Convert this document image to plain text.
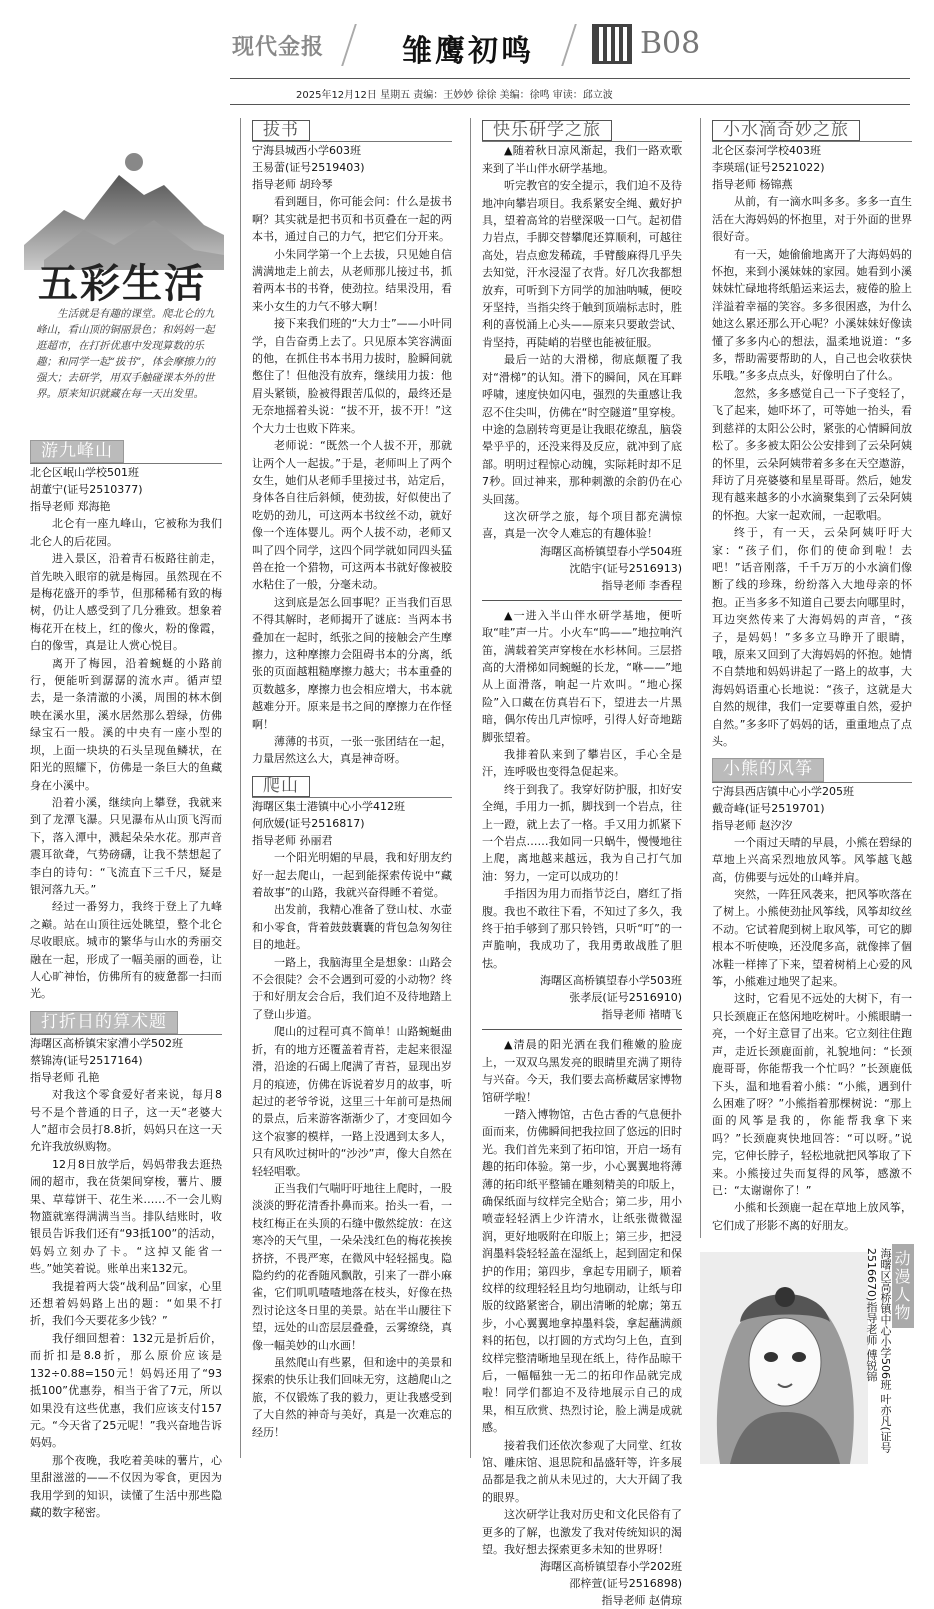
现代金报	雏鹰初鸣	B08
2025年12月12日 星期五 责编：王妙妙 徐徐 美编：徐鸣 审读：邱立波
五彩生活
生活就是有趣的课堂。爬北仑的九峰山，看山顶的铜丽景色；和妈妈一起逛超市，在打折优惠中发现算数的乐趣；和同学一起“拔书”，体会摩擦力的强大；去研学，用双手触碰课本外的世界。原来知识就藏在每一天出发里。
游九峰山

北仑区岷山学校501班

胡董宁(证号2510377)

指导老师 郑海艳

北仑有一座九峰山，它被称为我们北仑人的后花园。

进入景区，沿着青石板路往前走，首先映入眼帘的就是梅园。虽然现在不是梅花盛开的季节，但那稀稀有致的梅树，仍让人感受到了几分雅致。想象着梅花开在枝上，红的像火，粉的像霞，白的像雪，真是让人赏心悦目。

离开了梅园，沿着蜿蜒的小路前行，便能听到潺潺的流水声。循声望去，是一条清澈的小溪，周围的林木倒映在溪水里，溪水居然那么碧绿，仿佛绿宝石一般。溪的中央有一座小型的坝，上面一块块的石头呈现鱼鳞状，在阳光的照耀下，仿佛是一条巨大的鱼藏身在小溪中。

沿着小溪，继续向上攀登，我就来到了龙潭飞瀑。只见瀑布从山顶飞泻而下，落入潭中，溅起朵朵水花。那声音震耳欲聋，气势磅礴，让我不禁想起了李白的诗句：“飞流直下三千尺，疑是银河落九天。”

经过一番努力，我终于登上了九峰之巅。站在山顶往远处眺望，整个北仑尽收眼底。城市的繁华与山水的秀丽交融在一起，形成了一幅美丽的画卷，让人心旷神怡，仿佛所有的疲惫都一扫而光。

打折日的算术题

海曙区高桥镇宋家漕小学502班

蔡锦涛(证号2517164)

指导老师 孔艳

对我这个零食爱好者来说，每月8号不是个普通的日子，这一天“老婆大人”超市会员打8.8折，妈妈只在这一天允许我放纵购物。

12月8日放学后，妈妈带我去逛热闹的超市，我在货架间穿梭，薯片、腰果、草莓饼干、花生米……不一会儿购物篮就塞得满满当当。排队结账时，收银员告诉我们还有“93抵100”的活动，妈妈立刻办了卡。“这掉又能省一些。”她笑着说。账单出来132元。

我提着两大袋“战利品”回家，心里还想着妈妈路上出的题：“如果不打折，我们今天要花多少钱？”

我仔细回想着：132元是折后价，而折扣是8.8折，那么原价应该是132÷0.88=150元！妈妈还用了“93抵100”优惠券，相当于省了7元，所以如果没有这些优惠，我们应该支付157元。“今天省了25元呢！”我兴奋地告诉妈妈。

那个夜晚，我吃着美味的薯片，心里甜滋滋的——不仅因为零食，更因为我用学到的知识，读懂了生活中那些隐藏的数字秘密。

拔书

宁海县城西小学603班

王易蕾(证号2519403)

指导老师 胡玲琴

看到题目，你可能会问：什么是拔书啊？其实就是把书页和书页叠在一起的两本书，通过自己的力气，把它们分开来。

小朱同学第一个上去拔，只见她自信满满地走上前去，从老师那儿接过书，抓着两本书的书脊，使劲拉。结果没用，看来小女生的力气不够大啊！

接下来我们班的“大力士”——小叶同学，自告奋勇上去了。只见原本笑容满面的他，在抓住书本书用力拔时，脸瞬间就憋住了！但他没有放弃，继续用力拔：他眉头紧锁，脸被得跟苦瓜似的，最终还是无奈地摇着头说：“拔不开，拔不开！”这个大力士也败下阵来。

老师说：“既然一个人拔不开，那就让两个人一起拔。”于是，老师叫上了两个女生，她们从老师手里接过书，站定后，身体各自往后斜倾，使劲拔，好似使出了吃奶的劲儿，可这两本书纹丝不动，就好像一个连体婴儿。两个人拔不动，老师又叫了四个同学，这四个同学就如同四头猛兽在抢一个猎物，可这两本书就好像被胶水粘住了一般，分毫未动。

这到底是怎么回事呢？正当我们百思不得其解时，老师揭开了谜底：当两本书叠加在一起时，纸张之间的接触会产生摩擦力，这种摩擦力会阻碍书本的分离，纸张的页面越粗糙摩擦力越大；书本重叠的页数越多，摩擦力也会相应增大，书本就越难分开。原来是书之间的摩擦力在作怪啊！

薄薄的书页，一张一张团结在一起，力量居然这么大，真是神奇呀。

爬山

海曙区集士港镇中心小学412班

何欣媛(证号2516817)

指导老师 孙丽君

一个阳光明媚的早晨，我和好朋友约好一起去爬山，一起到能探索传说中“藏着故事”的山路，我就兴奋得睡不着觉。

出发前，我精心准备了登山杖、水壶和小零食，背着鼓鼓囊囊的背包急匆匆往目的地赶。

一路上，我脑海里全是想象：山路会不会很陡？会不会遇到可爱的小动物？终于和好朋友会合后，我们迫不及待地踏上了登山步道。

爬山的过程可真不简单！山路蜿蜒曲折，有的地方还覆盖着青苔，走起来很湿滑，沿途的石碣上爬满了青苔，显现出岁月的痕迹，仿佛在诉说着岁月的故事，听起过的老爷爷说，这里三十年前可是热闹的景点，后来游客渐渐少了，才变回如今这个寂寥的模样，一路上没遇到太多人，只有风吹过树叶的“沙沙”声，像大自然在轻轻唱歌。

正当我们气喘吁吁地往上爬时，一股淡淡的野花清香扑鼻而来。抬头一看，一枝红梅正在头顶的石缝中傲然绽放：在这寒冷的天气里，一朵朵浅红色的梅花挨挨挤挤，不畏严寒，在微风中轻轻摇曳。隐隐约约的花香随风飘散，引来了一群小麻雀，它们叽叽喳喳地落在枝头，好像在热烈讨论这冬日里的美景。站在半山腰往下望，远处的山峦层层叠叠，云雾缭绕，真像一幅美妙的山水画！

虽然爬山有些累，但和途中的美景和探索的快乐让我们回味无穷，这趟爬山之旅，不仅锻炼了我的毅力，更让我感受到了大自然的神奇与美好，真是一次难忘的经历！

快乐研学之旅

▲随着秋日凉风渐起，我们一路欢歌来到了半山伴水研学基地。

听完教官的安全提示，我们迫不及待地冲向攀岩项目。我系紧安全绳、戴好护具，望着高耸的岩壁深吸一口气。起初借力岩点，手脚交替攀爬还算顺利，可越往高处，岩点愈发稀疏，手臂酸麻得几乎失去知觉，汗水浸湿了衣背。好几次我都想放弃，可听到下方同学的加油呐喊，便咬牙坚持，当指尖终于触到顶端标志时，胜利的喜悦涌上心头——原来只要敢尝试、肯坚持，再陡峭的岩壁也能被征服。

最后一站的大滑梯，彻底颠覆了我对“滑梯”的认知。滑下的瞬间，风在耳畔呼啸，速度快如闪电，强烈的失重感让我忍不住尖叫，仿佛在“时空隧道”里穿梭。中途的急剧转弯更是让我眼花缭乱，脑袋晕乎乎的，还没来得及反应，就冲到了底部。明明过程惊心动魄，实际耗时却不足7秒。回过神来，那种刺激的余韵仍在心头回荡。

这次研学之旅，每个项目都充满惊喜，真是一次令人难忘的有趣体验！

海曙区高桥镇望春小学504班

沈皓宇(证号2516913)

指导老师 李香程

▲一进入半山伴水研学基地，便听取“哇”声一片。小火车“呜——”地拉响汽笛，满载着笑声穿梭在水杉林间。三层搭高的大滑梯如同蜿蜒的长龙，“咻——”地从上面滑落，响起一片欢叫。“地心探险”入口藏在仿真岩石下，望进去一片黑暗，偶尔传出几声惊呼，引得人好奇地踮脚张望着。

我排着队来到了攀岩区，手心全是汗，连呼吸也变得急促起来。

终于到我了。我穿好防护服，扣好安全绳，手用力一抓，脚找到一个岩点，往上一蹬，就上去了一格。手又用力抓紧下一个岩点……我如同一只蜗牛，慢慢地往上爬，离地越来越远，我为自己打气加油：努力，一定可以成功的！

手指因为用力而指节泛白，磨红了指腹。我也不敢往下看，不知过了多久，我终于拍手够到了那只铃铛，只听“叮”的一声脆响，我成功了，我用勇敢战胜了胆怯。

海曙区高桥镇望春小学503班

张孝辰(证号2516910)

指导老师 褚晴飞

▲清晨的阳光洒在我们稚嫩的脸庞上，一双双乌黑发亮的眼睛里充满了期待与兴奋。今天，我们要去高桥藏居家博物馆研学啦！

一踏入博物馆，古色古香的气息便扑面而来，仿佛瞬间把我拉回了悠远的旧时光。我们首先来到了拓印馆，开启一场有趣的拓印体验。第一步，小心翼翼地将薄薄的拓印纸平整铺在雕刻精美的印版上，确保纸面与纹样完全贴合；第二步，用小喷壶轻轻洒上少许清水，让纸张微微湿润，更好地吸附在印版上；第三步，把浸润墨料袋轻轻盖在湿纸上，起到固定和保护的作用；第四步，拿起专用刷子，顺着纹样的纹理轻轻且均匀地刷动，让纸与印版的纹路紧密合，刷出清晰的轮廓；第五步，小心翼翼地拿掉墨料袋，拿起蘸满颜料的拓包，以打圆的方式均匀上色，直到纹样完整清晰地呈现在纸上，待作品晾干后，一幅幅独一无二的拓印作品就完成啦！同学们都迫不及待地展示自己的成果，相互欣赏、热烈讨论，脸上满是成就感。

接着我们还依次参观了大同堂、红妆馆、雕床馆、退思院和晶盛轩等，许多展品都是我之前从未见过的，大大开阔了我的眼界。

这次研学让我对历史和文化民俗有了更多的了解，也激发了我对传统知识的渴望。我好想去探索更多未知的世界呀！

海曙区高桥镇望春小学202班

邵梓萱(证号2516898)

指导老师 赵倩琼

小水滴奇妙之旅

北仑区泰河学校403班

李瑛瑶(证号2521022)

指导老师 杨锦燕

从前，有一滴水叫多多。多多一直生活在大海妈妈的怀抱里，对于外面的世界很好奇。

有一天，她偷偷地离开了大海妈妈的怀抱，来到小溪妹妹的家园。她看到小溪妹妹忙碌地将纸船运来运去，疲倦的脸上洋溢着幸福的笑容。多多很困惑，为什么她这么累还那么开心呢？小溪妹妹好像读懂了多多内心的想法，温柔地说道：“多多，帮助需要帮助的人，自己也会收获快乐哦。”多多点点头，好像明白了什么。

忽然，多多感觉自己一下子变轻了，飞了起来，她吓坏了，可等她一抬头，看到慈祥的太阳公公时，紧张的心情瞬间放松了。多多被太阳公公安排到了云朵阿姨的怀里，云朵阿姨带着多多在天空遨游，拜访了月亮婆婆和星星哥哥。然后，她发现有越来越多的小水滴聚集到了云朵阿姨的怀抱。大家一起欢闹，一起歌唱。

终于，有一天，云朵阿姨吁吁大家：“孩子们，你们的使命到啦！去吧！”话音刚落，千千万万的小水滴们像断了线的珍珠，纷纷落入大地母亲的怀抱。正当多多不知道自己要去向哪里时，耳边突然传来了大海妈妈的声音，“孩子，是妈妈！”多多立马睁开了眼睛，哦，原来又回到了大海妈妈的怀抱。她情不自禁地和妈妈讲起了一路上的故事，大海妈妈语重心长地说：“孩子，这就是大自然的规律，我们一定要尊重自然，爱护自然。”多多吓了妈妈的话，重重地点了点头。

小熊的风筝

宁海县西店镇中心小学205班

戴奇峰(证号2519701)

指导老师 赵汐汐

一个雨过天晴的早晨，小熊在碧绿的草地上兴高采烈地放风筝。风筝越飞越高，仿佛要与远处的山峰并肩。

突然，一阵狂风袭来，把风筝吹落在了树上。小熊使劲扯风筝线，风筝却纹丝不动。它试着爬到树上取风筝，可它的脚根本不听使唤，还没爬多高，就像摔了個冰鞋一样摔了下来，望着树梢上心爱的风筝，小熊难过地哭了起来。

这时，它看见不远处的大树下，有一只长颈鹿正在悠闲地吃树叶。小熊眼睛一亮，一个好主意冒了出来。它立刻往住跑声，走近长颈鹿面前，礼貌地问：“长颈鹿哥哥，你能帮我一个忙吗？”长颈鹿低下头，温和地看着小熊：“小熊，遇到什么困难了呀？”小熊指着那棵树说：“那上面的风筝是我的，你能帮我拿下来吗？”长颈鹿爽快地回答：“可以呀。”说完，它伸长脖子，轻松地就把风筝取了下来。小熊接过失而复得的风筝，感激不已：“太谢谢你了！”

小熊和长颈鹿一起在草地上放风筝，它们成了形影不离的好朋友。

海曙区高桥镇中心小学506班 叶亦凡(证号2516670)指导老师 傅锐锦 动漫人物
